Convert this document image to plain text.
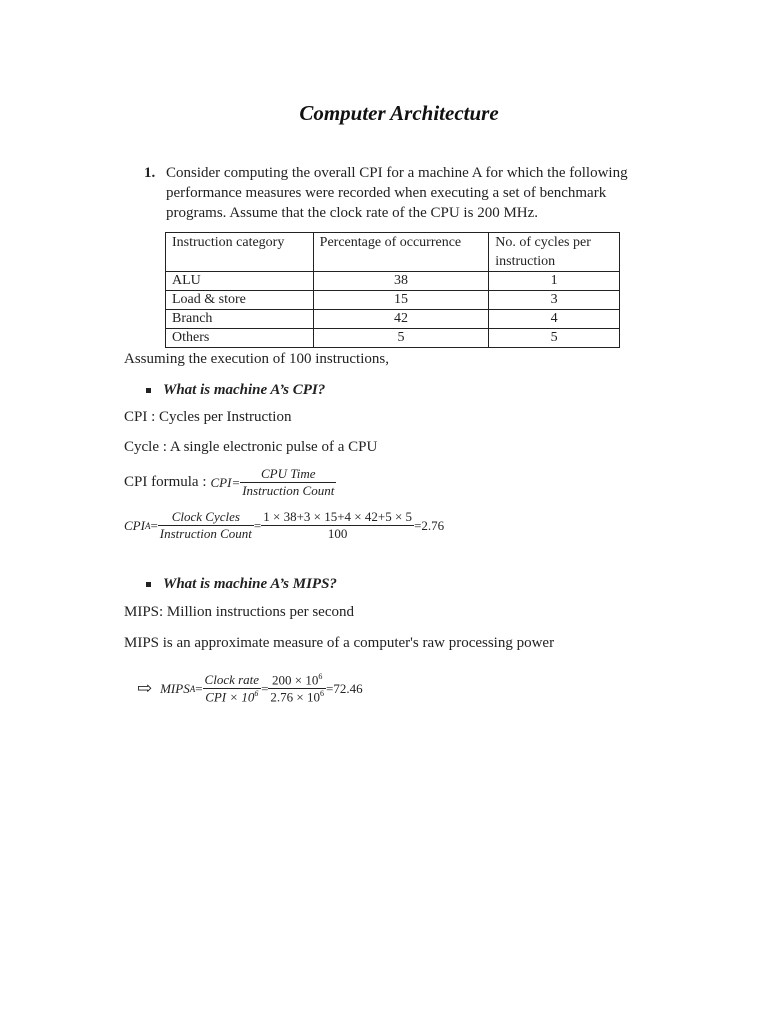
Computer Architecture
1. Consider computing the overall CPI for a machine A for which the following
performance measures were recorded when executing a set of benchmark
programs. Assume that the clock rate of the CPU is 200 MHz.
Instruction category	Percentage of occurrence	No. of cycles per instruction
ALU	38	1
Load & store	15	3
Branch	42	4
Others	5	5
Assuming the execution of 100 instructions,
What is machine A’s CPI?
CPI : Cycles per Instruction
Cycle : A single electronic pulse of a CPU
CPI formula : $CPI= \frac{\text{CPU Time}}{\text{Instruction Count}}$
CPI $A = \frac{\text{Clock Cycles}}{\text{Instruction Count}} = \frac{1 \times 38+3 \times 15+4 \times 42+5 \times 5}{100} =2.76$
What is machine A’s MIPS?
MIPS: Million instructions per second
MIPS is an approximate measure of a computer's raw processing power
⇨ MIPS $A = \frac{\text{Clock rate}}{CPI \times 10^6} = \frac{200 \times 10^6}{2.76 \times 10^6} =72.46$
